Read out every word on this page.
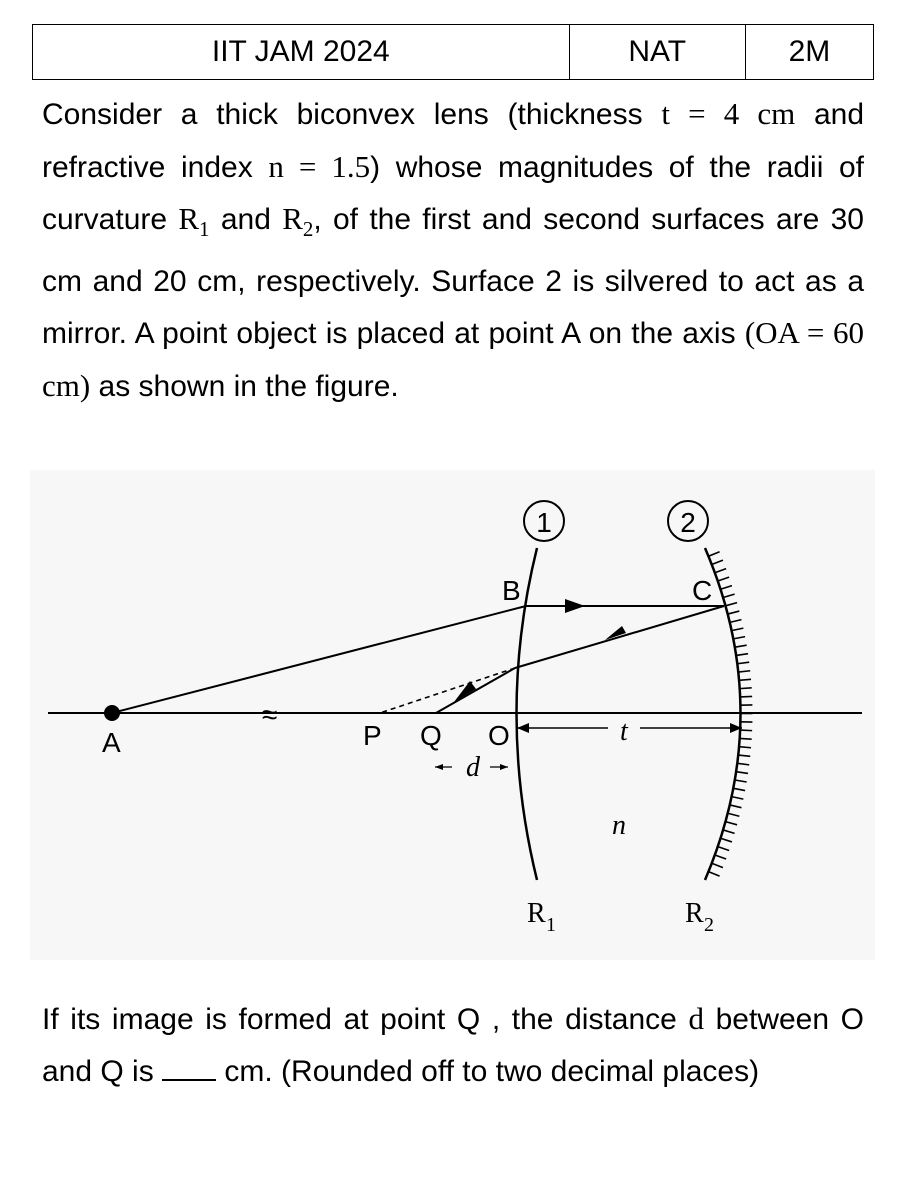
IIT JAM 2024	NAT	2M
Consider a thick biconvex lens (thickness t = 4 cm and refractive index n = 1.5) whose magnitudes of the radii of curvature $R_1$ and $R_2$, of the first and second surfaces are 30 cm and 20 cm, respectively. Surface 2 is silvered to act as a mirror. A point object is placed at point A on the axis (OA = 60 cm) as shown in the figure.
≈
1	2
A	P Q O
B	C
t
d
n
R 1	R 2
If its image is formed at point Q , the distance d between O and Q is  cm. (Rounded off to two decimal places)
